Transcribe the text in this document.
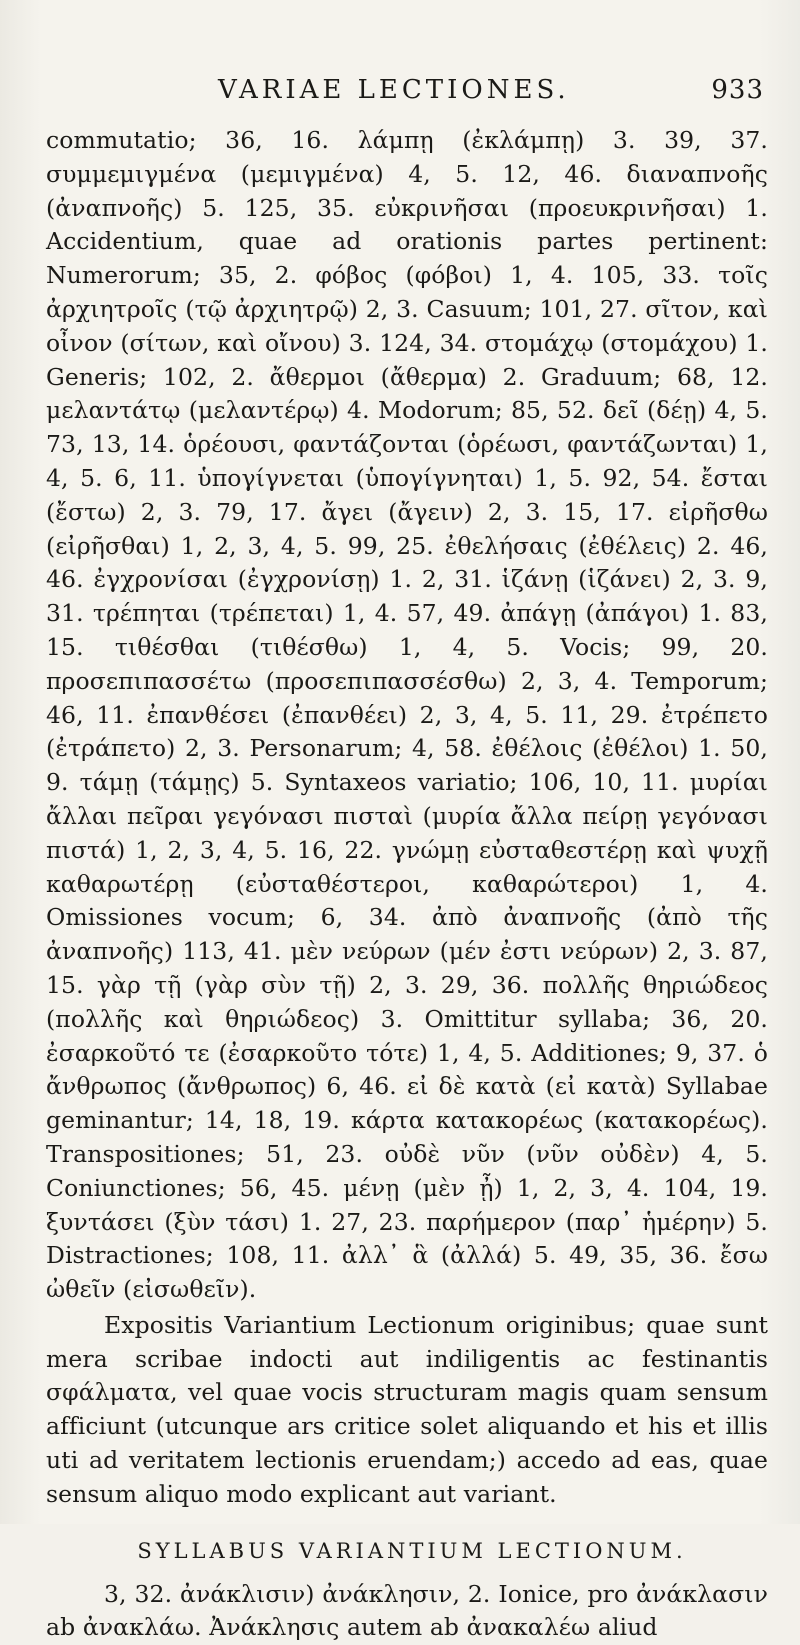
VARIAE LECTIONES.	933

commutatio; 36, 16. λάμπῃ (ἐκλάμπῃ) 3. 39, 37. συμμεμιγμένα (μεμιγμένα) 4, 5. 12, 46. διαναπνοῆς (ἀναπνοῆς) 5. 125, 35. εὐκρινῆσαι (προευκρινῆσαι) 1. Accidentium, quae ad orationis partes pertinent: Numerorum; 35, 2. φόβος (φόβοι) 1, 4. 105, 33. τοῖς ἀρχιητροῖς (τῷ ἀρχιητρῷ) 2, 3. Casuum; 101, 27. σῖτον, καὶ οἶνον (σίτων, καὶ οἴνου) 3. 124, 34. στομάχῳ (στομάχου) 1. Generis; 102, 2. ἄθερμοι (ἄθερμα) 2. Graduum; 68, 12. μελαντάτῳ (μελαντέρῳ) 4. Modorum; 85, 52. δεῖ (δέῃ) 4, 5. 73, 13, 14. ὁρέουσι, φαντάζονται (ὁρέωσι, φαντάζωνται) 1, 4, 5. 6, 11. ὑπογίγνεται (ὑπογίγνηται) 1, 5. 92, 54. ἔσται (ἔστω) 2, 3. 79, 17. ἄγει (ἄγειν) 2, 3. 15, 17. εἰρῆσθω (εἰρῆσθαι) 1, 2, 3, 4, 5. 99, 25. ἐθελήσαις (ἐθέλεις) 2. 46, 46. ἐγχρονίσαι (ἐγχρονίσῃ) 1. 2, 31. ἱζάνῃ (ἱζάνει) 2, 3. 9, 31. τρέπηται (τρέπεται) 1, 4. 57, 49. ἀπάγῃ (ἀπάγοι) 1. 83, 15. τιθέσθαι (τιθέσθω) 1, 4, 5. Vocis; 99, 20. προσεπιπασσέτω (προσεπιπασσέσθω) 2, 3, 4. Temporum; 46, 11. ἐπανθέσει (ἐπανθέει) 2, 3, 4, 5. 11, 29. ἐτρέπετο (ἐτράπετο) 2, 3. Personarum; 4, 58. ἐθέλοις (ἐθέλοι) 1. 50, 9. τάμῃ (τάμῃς) 5. Syntaxeos variatio; 106, 10, 11. μυρίαι ἄλλαι πεῖραι γεγόνασι πισταὶ (μυρία ἄλλα πείρῃ γεγόνασι πιστά) 1, 2, 3, 4, 5. 16, 22. γνώμῃ εὐσταθεστέρῃ καὶ ψυχῇ καθαρωτέρῃ (εὐσταθέστεροι, καθαρώτεροι) 1, 4. Omissiones vocum; 6, 34. ἀπὸ ἀναπνοῆς (ἀπὸ τῆς ἀναπνοῆς) 113, 41. μὲν νεύρων (μέν ἐστι νεύρων) 2, 3. 87, 15. γὰρ τῇ (γὰρ σὺν τῇ) 2, 3. 29, 36. πολλῆς θηριώδεος (πολλῆς καὶ θηριώδεος) 3. Omittitur syllaba; 36, 20. ἐσαρκοῦτό τε (ἐσαρκοῦτο τότε) 1, 4, 5. Additiones; 9, 37. ὁ ἄνθρωπος (ἄνθρωπος) 6, 46. εἰ δὲ κατὰ (εἰ κατὰ) Syllabae geminantur; 14, 18, 19. κάρτα κατακορέως (κατακορέως). Transpositiones; 51, 23. οὐδὲ νῦν (νῦν οὐδὲν) 4, 5. Coniunctiones; 56, 45. μένῃ (μὲν ᾖ) 1, 2, 3, 4. 104, 19. ξυντάσει (ξὺν τάσι) 1. 27, 23. παρήμερον (παρ᾽ ἡμέρην) 5. Distractiones; 108, 11. ἀλλ᾽ ἃ (ἀλλά) 5. 49, 35, 36. ἔσω ὠθεῖν (εἰσωθεῖν).

Expositis Variantium Lectionum originibus; quae sunt mera scribae indocti aut indiligentis ac festinantis σφάλματα, vel quae vocis structuram magis quam sensum afficiunt (utcunque ars critice solet aliquando et his et illis uti ad veritatem lectionis eruendam;) accedo ad eas, quae sensum aliquo modo explicant aut variant.

SYLLABUS VARIANTIUM LECTIONUM.

3, 32. ἀνάκλισιν) ἀνάκλησιν, 2. Ionice, pro ἀνάκλασιν ab ἀνακλάω. Ἀνάκλησις autem ab ἀνακαλέω aliud
